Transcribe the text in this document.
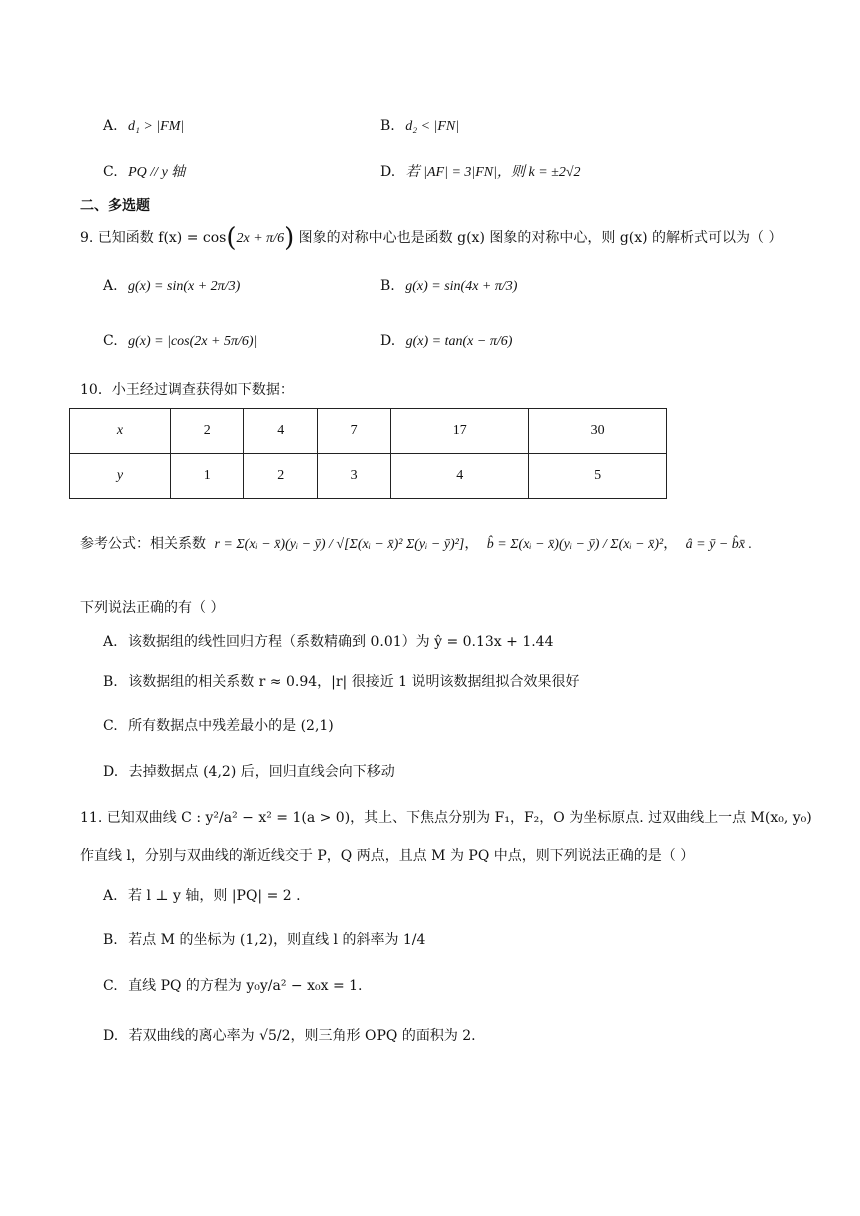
A. d₁ > |FM|	B. d₂ < |FN|
C. PQ // y 轴	D. 若 |AF| = 3|FN|，则 k = ±2√2
二、多选题
9. 已知函数 f(x) = cos(2x + π/6) 图象的对称中心也是函数 g(x) 图象的对称中心，则 g(x) 的解析式可以为（ ）
A. g(x) = sin(x + 2π/3)	B. g(x) = sin(4x + π/3)
C. g(x) = |cos(2x + 5π/6)|	D. g(x) = tan(x − π/6)
10．小王经过调查获得如下数据：
x	2	4	7	17	30
y	1	2	3	4	5
参考公式：相关系数 r = Σ(xᵢ − x̄)(yᵢ − ȳ) / √[Σ(xᵢ − x̄)² Σ(yᵢ − ȳ)²]， b̂ = Σ(xᵢ − x̄)(yᵢ − ȳ) / Σ(xᵢ − x̄)²， â = ȳ − b̂x̄ .
下列说法正确的有（ ）
A. 该数据组的线性回归方程（系数精确到 0.01）为 ŷ = 0.13x + 1.44
B. 该数据组的相关系数 r ≈ 0.94，|r| 很接近 1 说明该数据组拟合效果很好
C. 所有数据点中残差最小的是 (2,1)
D. 去掉数据点 (4,2) 后，回归直线会向下移动
11. 已知双曲线 C : y²/a² − x² = 1(a > 0)，其上、下焦点分别为 F₁，F₂，O 为坐标原点. 过双曲线上一点 M(x₀, y₀)
作直线 l，分别与双曲线的渐近线交于 P，Q 两点，且点 M 为 PQ 中点，则下列说法正确的是（ ）
A. 若 l ⊥ y 轴，则 |PQ| = 2 .
B. 若点 M 的坐标为 (1,2)，则直线 l 的斜率为 1/4
C. 直线 PQ 的方程为 y₀y/a² − x₀x = 1.
D. 若双曲线的离心率为 √5/2，则三角形 OPQ 的面积为 2.
